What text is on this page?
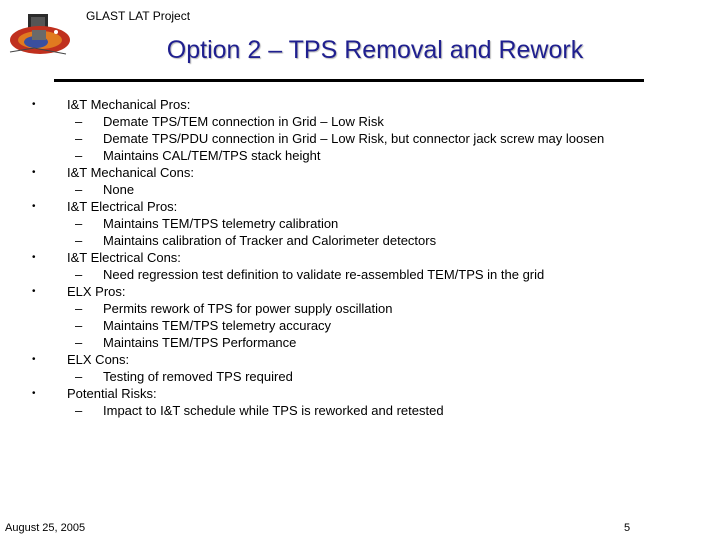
GLAST LAT Project
Option 2 – TPS Removal and Rework
• I&T Mechanical Pros:
– Demate TPS/TEM connection in Grid – Low Risk
– Demate TPS/PDU connection in Grid – Low Risk, but connector jack screw may loosen
– Maintains CAL/TEM/TPS stack height
• I&T Mechanical Cons:
– None
• I&T Electrical Pros:
– Maintains TEM/TPS telemetry calibration
– Maintains calibration of Tracker and Calorimeter detectors
• I&T Electrical Cons:
– Need regression test definition to validate re-assembled TEM/TPS in the grid
• ELX Pros:
– Permits rework of TPS for power supply oscillation
– Maintains TEM/TPS telemetry accuracy
– Maintains TEM/TPS Performance
• ELX Cons:
– Testing of removed TPS required
• Potential Risks:
– Impact to I&T schedule while TPS is reworked and retested
August 25, 2005	5
